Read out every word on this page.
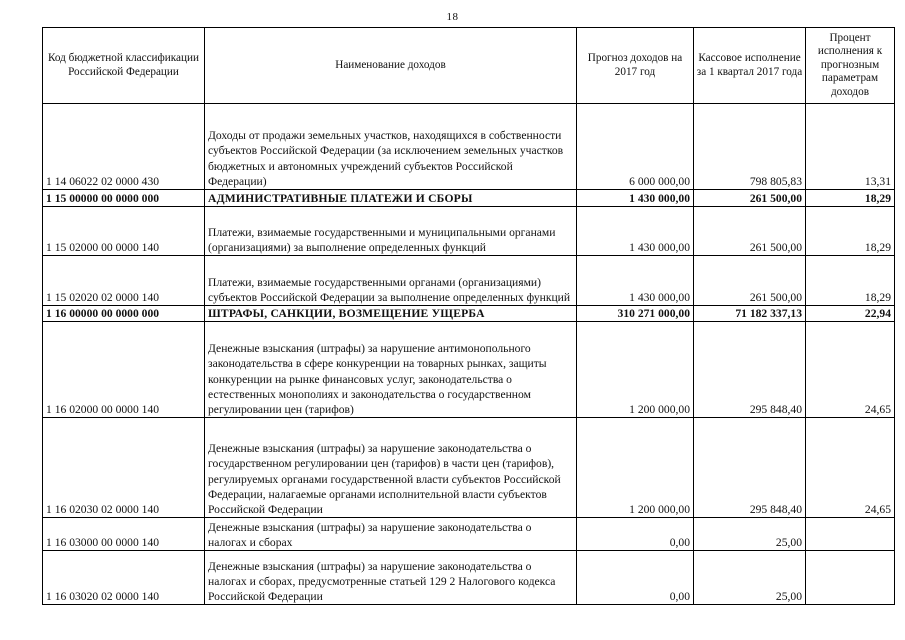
18
Код бюджетной классификации Российской Федерации	Наименование доходов	Прогноз доходов на 2017 год	Кассовое исполнение за 1 квартал 2017 года	Процент исполнения к прогнозным параметрам доходов
1 14 06022 02 0000 430	Доходы от продажи земельных участков, находящихся в собственности субъектов Российской Федерации (за исключением земельных участков бюджетных и автономных учреждений субъектов Российской Федерации)	6 000 000,00	798 805,83	13,31
1 15 00000 00 0000 000	АДМИНИСТРАТИВНЫЕ ПЛАТЕЖИ И СБОРЫ	1 430 000,00	261 500,00	18,29
1 15 02000 00 0000 140	Платежи, взимаемые государственными и муниципальными органами (организациями) за выполнение определенных функций	1 430 000,00	261 500,00	18,29
1 15 02020 02 0000 140	Платежи, взимаемые государственными органами (организациями) субъектов Российской Федерации за выполнение определенных функций	1 430 000,00	261 500,00	18,29
1 16 00000 00 0000 000	ШТРАФЫ, САНКЦИИ, ВОЗМЕЩЕНИЕ УЩЕРБА	310 271 000,00	71 182 337,13	22,94
1 16 02000 00 0000 140	Денежные взыскания (штрафы) за нарушение антимонопольного законодательства в сфере конкуренции на товарных рынках, защиты конкуренции на рынке финансовых услуг, законодательства о естественных монополиях и законодательства о государственном регулировании цен (тарифов)	1 200 000,00	295 848,40	24,65
1 16 02030 02 0000 140	Денежные взыскания (штрафы) за нарушение законодательства о государственном регулировании цен (тарифов) в части цен (тарифов), регулируемых органами государственной власти субъектов Российской Федерации, налагаемые органами исполнительной власти субъектов Российской Федерации	1 200 000,00	295 848,40	24,65
1 16 03000 00 0000 140	Денежные взыскания (штрафы) за нарушение законодательства о налогах и сборах	0,00	25,00	
1 16 03020 02 0000 140	Денежные взыскания (штрафы) за нарушение законодательства о налогах и сборах, предусмотренные статьей 129 2 Налогового кодекса Российской Федерации	0,00	25,00	
